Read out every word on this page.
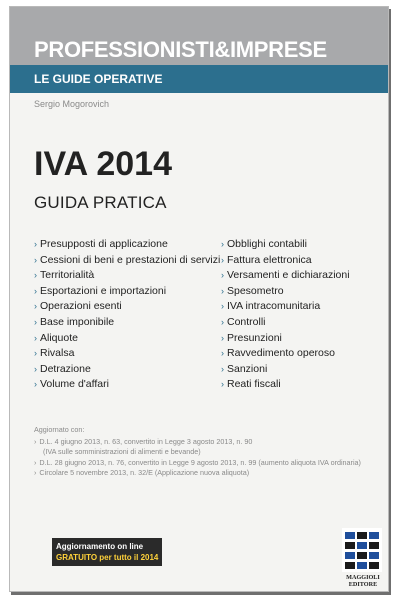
PROFESSIONISTI&IMPRESE
LE GUIDE OPERATIVE
Sergio Mogorovich
IVA 2014
GUIDA PRATICA
› Presupposti di applicazione
› Cessioni di beni e prestazioni di servizi
› Territorialità
› Esportazioni e importazioni
› Operazioni esenti
› Base imponibile
› Aliquote
› Rivalsa
› Detrazione
› Volume d'affari
› Obblighi contabili
› Fattura elettronica
› Versamenti e dichiarazioni
› Spesometro
› IVA intracomunitaria
› Controlli
› Presunzioni
› Ravvedimento operoso
› Sanzioni
› Reati fiscali
Aggiornato con:
› D.L. 4 giugno 2013, n. 63, convertito in Legge 3 agosto 2013, n. 90
(IVA sulle somministrazioni di alimenti e bevande)
› D.L. 28 giugno 2013, n. 76, convertito in Legge 9 agosto 2013, n. 99 (aumento aliquota IVA ordinaria)
› Circolare 5 novembre 2013, n. 32/E (Applicazione nuova aliquota)
Aggiornamento on line
GRATUITO per tutto il 2014
MAGGIOLI
EDITORE
